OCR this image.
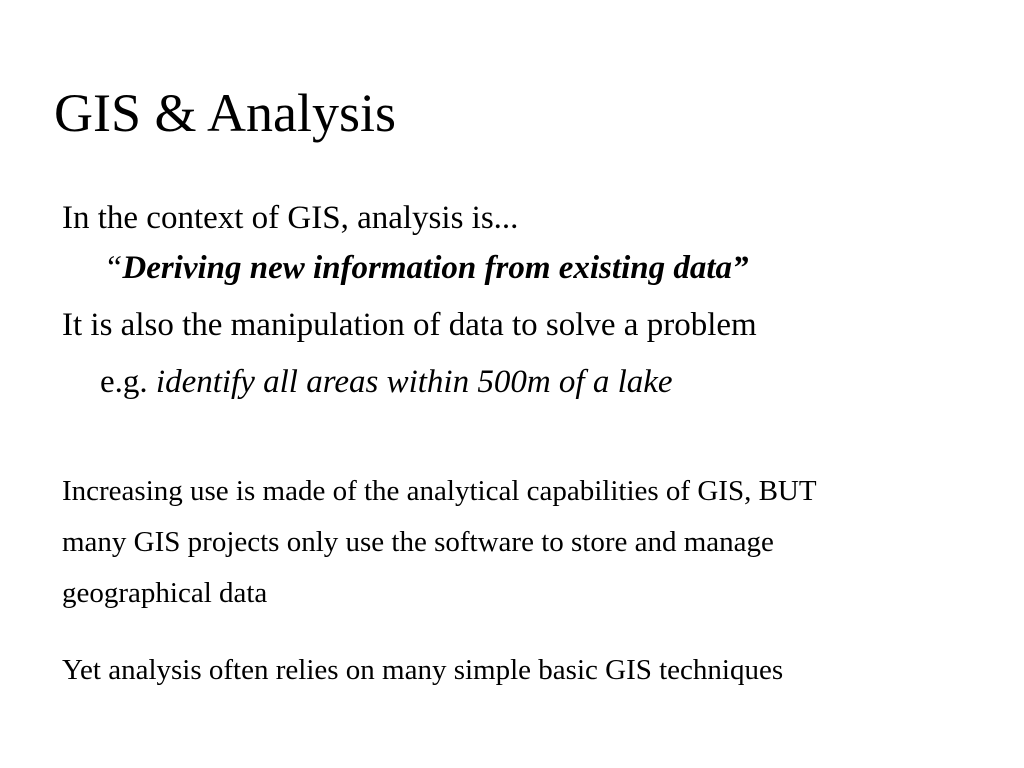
GIS & Analysis
In the context of GIS, analysis is...
“Deriving new information from existing data”
It is also the manipulation of data to solve a problem
e.g. identify all areas within 500m of a lake
Increasing use is made of the analytical capabilities of GIS, BUT
many GIS projects only use the software to store and manage
geographical data
Yet analysis often relies on many simple basic GIS techniques
